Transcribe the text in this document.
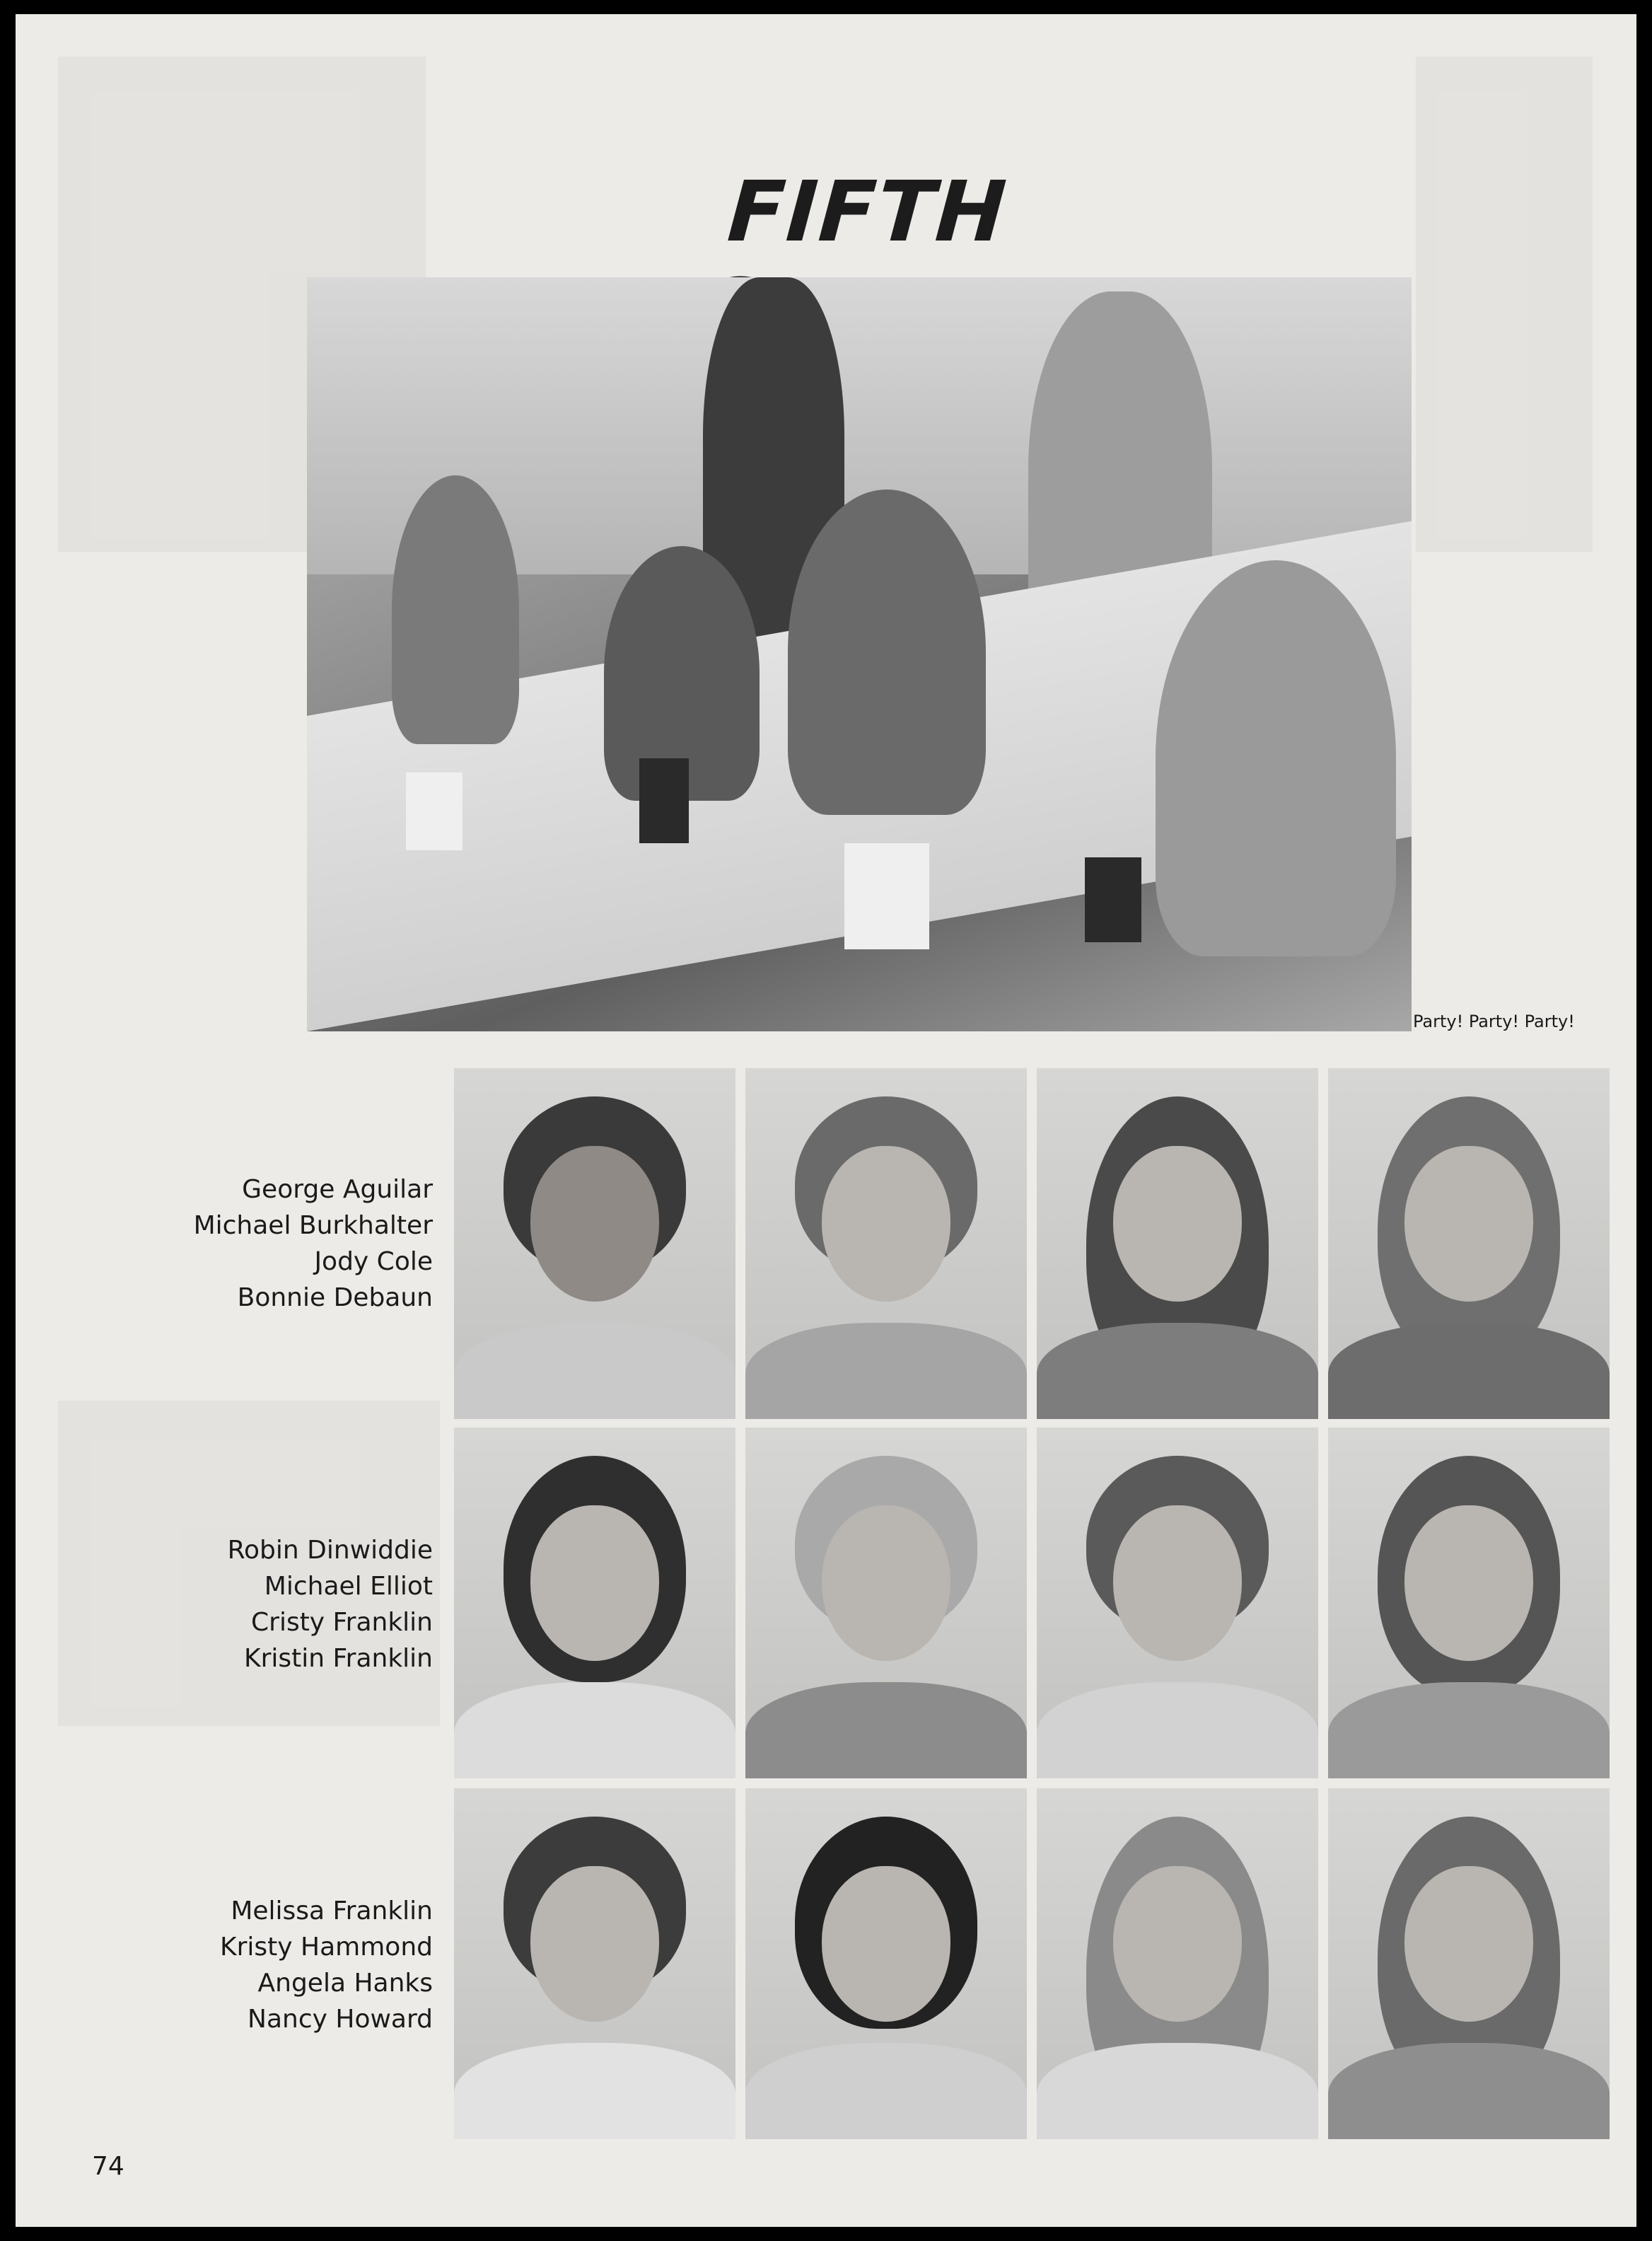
FIFTH
Party! Party! Party!
George Aguilar
Michael Burkhalter
Jody Cole
Bonnie Debaun
Robin Dinwiddie
Michael Elliot
Cristy Franklin
Kristin Franklin
Melissa Franklin
Kristy Hammond
Angela Hanks
Nancy Howard
74
